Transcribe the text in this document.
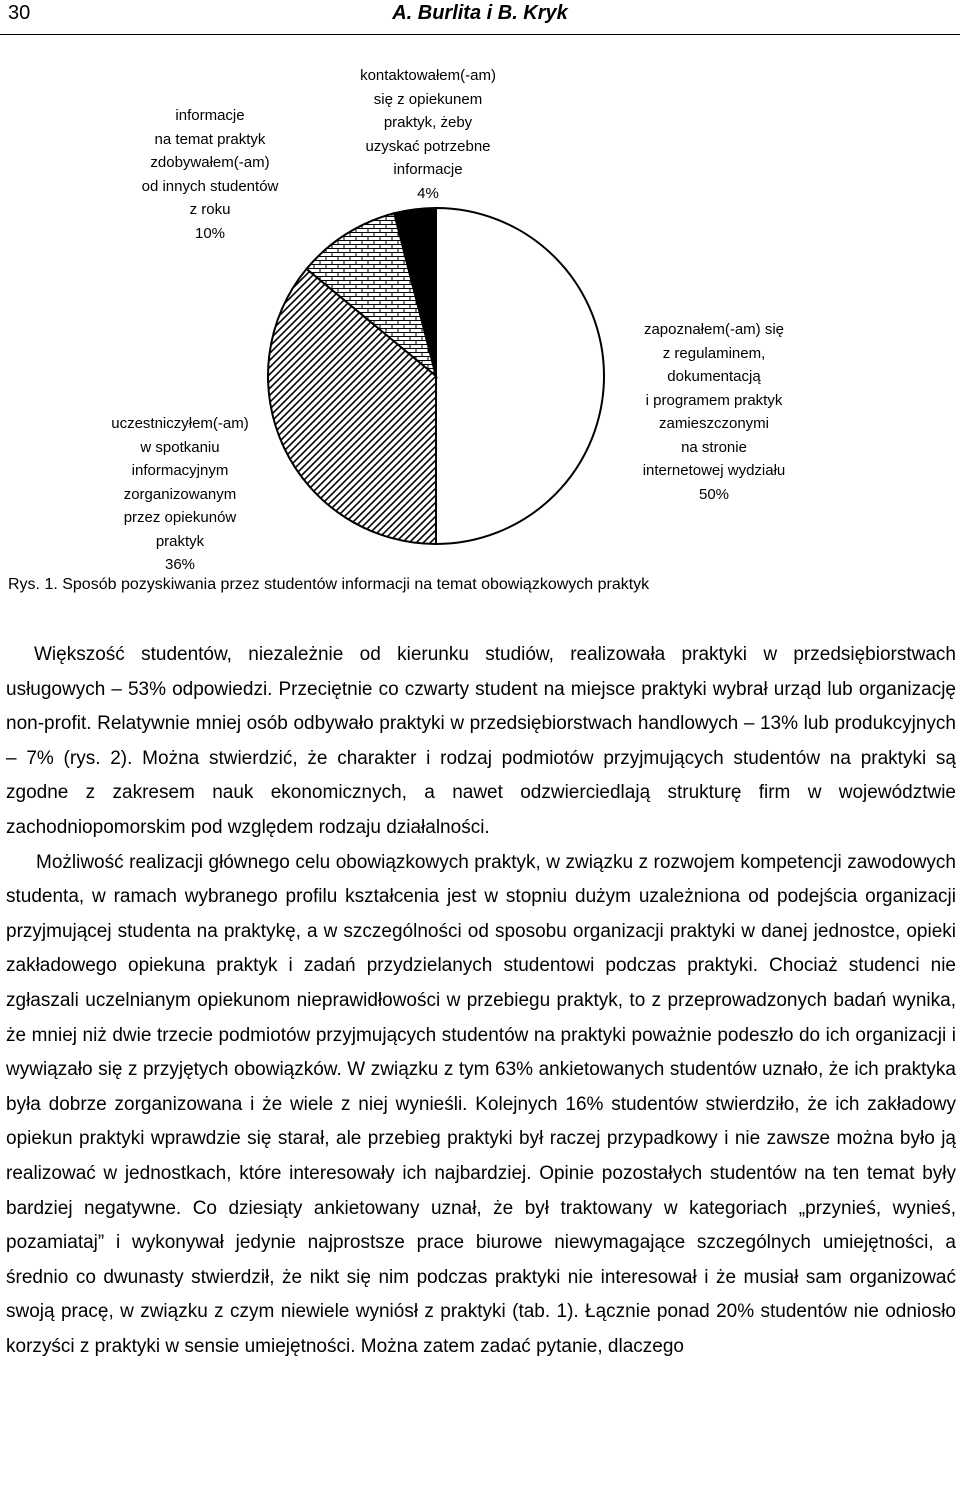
30	A. Burlita i B. Kryk
zapoznałem(-am) się
z regulaminem,
dokumentacją
i programem praktyk
zamieszczonymi
na stronie
internetowej wydziału
50%
uczestniczyłem(-am)
w spotkaniu
informacyjnym
zorganizowanym
przez opiekunów
praktyk
36%
informacje
na temat praktyk
zdobywałem(-am)
od innych studentów
z roku
10%
kontaktowałem(-am)
się z opiekunem
praktyk, żeby
uzyskać potrzebne
informacje
4%
Rys. 1. Sposób pozyskiwania przez studentów informacji na temat obowiązkowych praktyk

Większość studentów, niezależnie od kierunku studiów, realizowała praktyki w przedsiębiorstwach usługowych – 53% odpowiedzi. Przeciętnie co czwarty student na miejsce praktyki wybrał urząd lub organizację non-profit. Relatywnie mniej osób odbywało praktyki w przedsiębiorstwach handlowych – 13% lub produkcyjnych – 7% (rys. 2). Można stwierdzić, że charakter i rodzaj podmiotów przyjmujących studentów na praktyki są zgodne z zakresem nauk ekonomicznych, a nawet odzwierciedlają strukturę firm w województwie zachodniopomorskim pod względem rodzaju działalności.

Możliwość realizacji głównego celu obowiązkowych praktyk, w związku z rozwojem kompetencji zawodowych studenta, w ramach wybranego profilu kształcenia jest w stopniu dużym uzależniona od podejścia organizacji przyjmującej studenta na praktykę, a w szczególności od sposobu organizacji praktyki w danej jednostce, opieki zakładowego opiekuna praktyk i zadań przydzielanych studentowi podczas praktyki. Chociaż studenci nie zgłaszali uczelnianym opiekunom nieprawidłowości w przebiegu praktyk, to z przeprowadzonych badań wynika, że mniej niż dwie trzecie podmiotów przyjmujących studentów na praktyki poważnie podeszło do ich organizacji i wywiązało się z przyjętych obowiązków. W związku z tym 63% ankietowanych studentów uznało, że ich praktyka była dobrze zorganizowana i że wiele z niej wynieśli. Kolejnych 16% studentów stwierdziło, że ich zakładowy opiekun praktyki wprawdzie się starał, ale przebieg praktyki był raczej przypadkowy i nie zawsze można było ją realizować w jednostkach, które interesowały ich najbardziej. Opinie pozostałych studentów na ten temat były bardziej negatywne. Co dziesiąty ankietowany uznał, że był traktowany w kategoriach „przynieś, wynieś, pozamiataj” i wykonywał jedynie najprostsze prace biurowe niewymagające szczególnych umiejętności, a średnio co dwunasty stwierdził, że nikt się nim podczas praktyki nie interesował i że musiał sam organizować swoją pracę, w związku z czym niewiele wyniósł z praktyki (tab. 1). Łącznie ponad 20% studentów nie odniosło korzyści z praktyki w sensie umiejętności. Można zatem zadać pytanie, dlaczego
